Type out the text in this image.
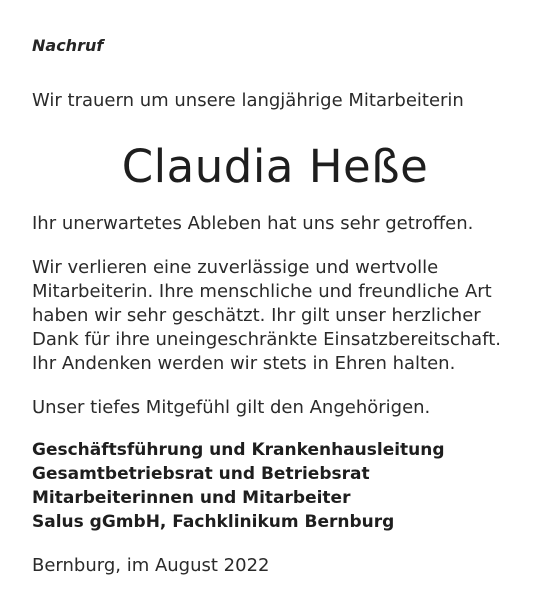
Nachruf
Wir trauern um unsere langjährige Mitarbeiterin
Claudia Heße
Ihr unerwartetes Ableben hat uns sehr getroffen.
Wir verlieren eine zuverlässige und wertvolle
Mitarbeiterin. Ihre menschliche und freundliche Art
haben wir sehr geschätzt. Ihr gilt unser herzlicher
Dank für ihre uneingeschränkte Einsatzbereitschaft.
Ihr Andenken werden wir stets in Ehren halten.
Unser tiefes Mitgefühl gilt den Angehörigen.
Geschäftsführung und Krankenhausleitung
Gesamtbetriebsrat und Betriebsrat
Mitarbeiterinnen und Mitarbeiter
Salus gGmbH, Fachklinikum Bernburg
Bernburg, im August 2022
